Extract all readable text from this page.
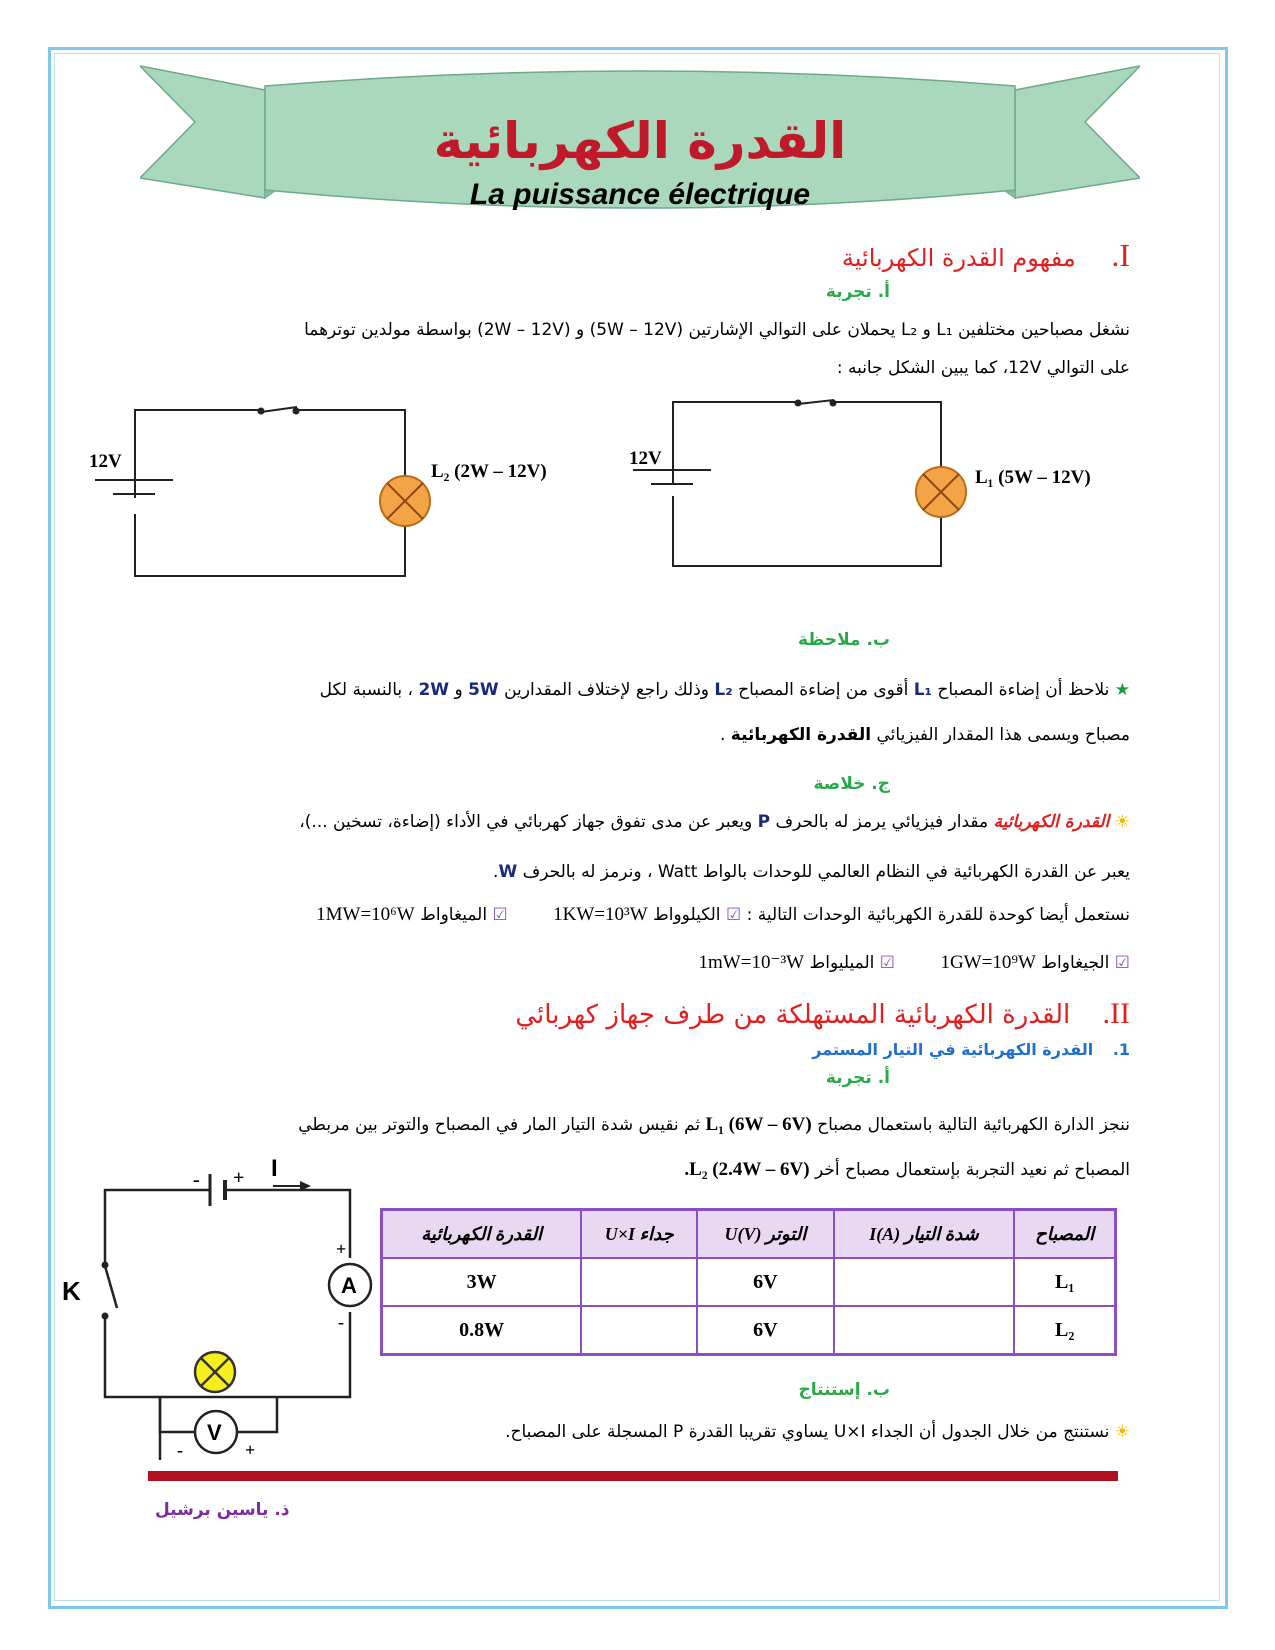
القدرة الكهربائية
La puissance électrique
I. مفهوم القدرة الكهربائية
أ. تجربة
نشغل مصباحين مختلفين L₁ و L₂ يحملان على التوالي الإشارتين (5W – 12V) و (2W – 12V) بواسطة مولدين توترهما
على التوالي 12V، كما يبين الشكل جانبه :
12V	L₂ (2W – 12V)
12V
L₁ (5W – 12V)
ب. ملاحظة
★ نلاحظ أن إضاءة المصباح L₁ أقوى من إضاءة المصباح L₂ وذلك راجع لإختلاف المقدارين 5W و 2W ، بالنسبة لكل
مصباح ويسمى هذا المقدار الفيزيائي القدرة الكهربائية .
ج. خلاصة
☀ القدرة الكهربائية مقدار فيزيائي يرمز له بالحرف P ويعبر عن مدى تفوق جهاز كهربائي في الأداء (إضاءة، تسخين ...)،
يعبر عن القدرة الكهربائية في النظام العالمي للوحدات بالواط Watt ، ونرمز له بالحرف W.
نستعمل أيضا كوحدة للقدرة الكهربائية الوحدات التالية : ☑ الكيلوواط 1KW=10³W ☑ الميغاواط 1MW=10⁶W
☑ الجيغاواط 1GW=10⁹W ☑ الميليواط 1mW=10⁻³W
II. القدرة الكهربائية المستهلكة من طرف جهاز كهربائي
1. القدرة الكهربائية في التيار المستمر
أ. تجربة
ننجز الدارة الكهربائية التالية باستعمال مصباح L₁ (6W – 6V) ثم نقيس شدة التيار المار في المصباح والتوتر بين مربطي
المصباح ثم نعيد التجربة بإستعمال مصباح أخر L₂ (2.4W – 6V).
- + I
K	A
+
-
V
-	+
المصباح	شدة التيار I(A)	التوتر U(V)	جداء U×I	القدرة الكهربائية
L₁		6V		3W
L₂		6V		0.8W
ب. إستنتاج
☀ نستنتج من خلال الجدول أن الجداء U×I يساوي تقريبا القدرة P المسجلة على المصباح.
ذ. ياسين برشيل
